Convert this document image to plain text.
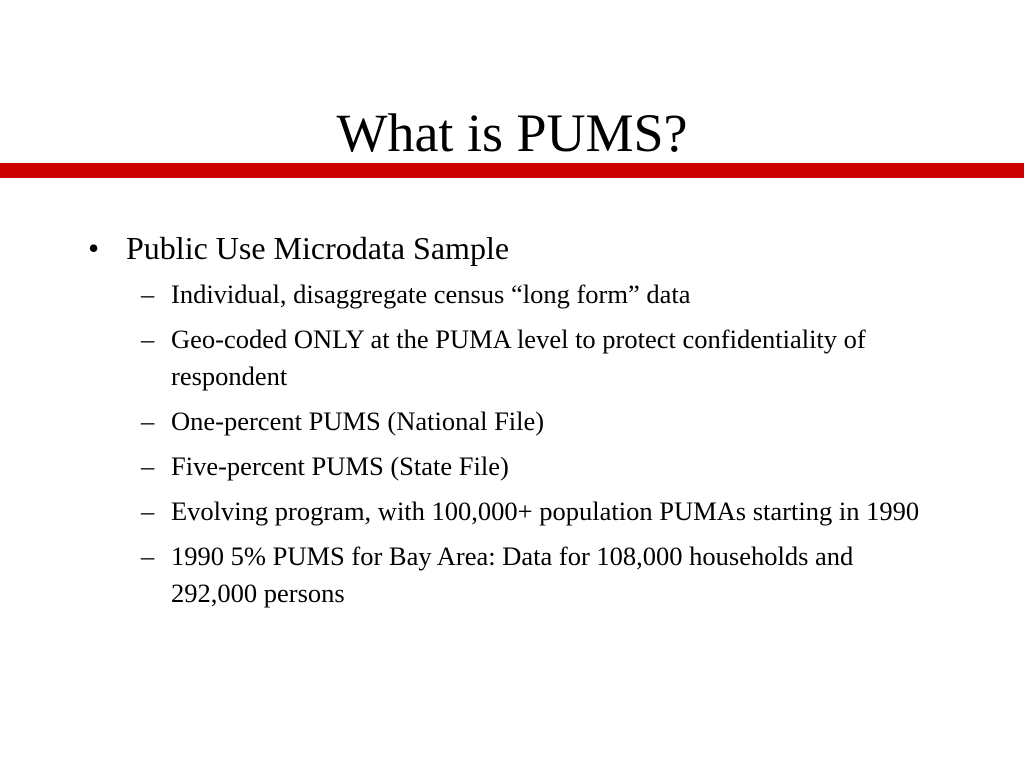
What is PUMS?
• Public Use Microdata Sample
– Individual, disaggregate census “long form” data
– Geo-coded ONLY at the PUMA level to protect confidentiality of respondent
– One-percent PUMS (National File)
– Five-percent PUMS (State File)
– Evolving program, with 100,000+ population PUMAs starting in 1990
– 1990 5% PUMS for Bay Area: Data for 108,000 households and 292,000 persons
